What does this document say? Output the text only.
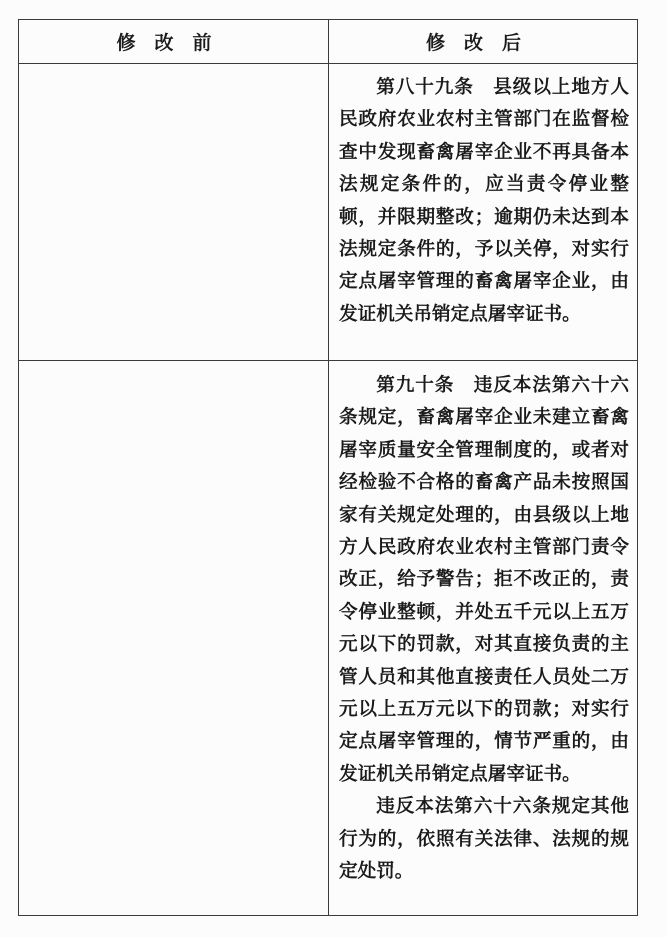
修改前	修改后

第八十九条　县级以上地方人民政府农业农村主管部门在监督检查中发现畜禽屠宰企业不再具备本法规定条件的，应当责令停业整顿，并限期整改；逾期仍未达到本法规定条件的，予以关停，对实行定点屠宰管理的畜禽屠宰企业，由发证机关吊销定点屠宰证书。

第九十条　违反本法第六十六条规定，畜禽屠宰企业未建立畜禽屠宰质量安全管理制度的，或者对经检验不合格的畜禽产品未按照国家有关规定处理的，由县级以上地方人民政府农业农村主管部门责令改正，给予警告；拒不改正的，责令停业整顿，并处五千元以上五万元以下的罚款，对其直接负责的主管人员和其他直接责任人员处二万元以上五万元以下的罚款；对实行定点屠宰管理的，情节严重的，由发证机关吊销定点屠宰证书。

违反本法第六十六条规定其他行为的，依照有关法律、法规的规定处罚。
